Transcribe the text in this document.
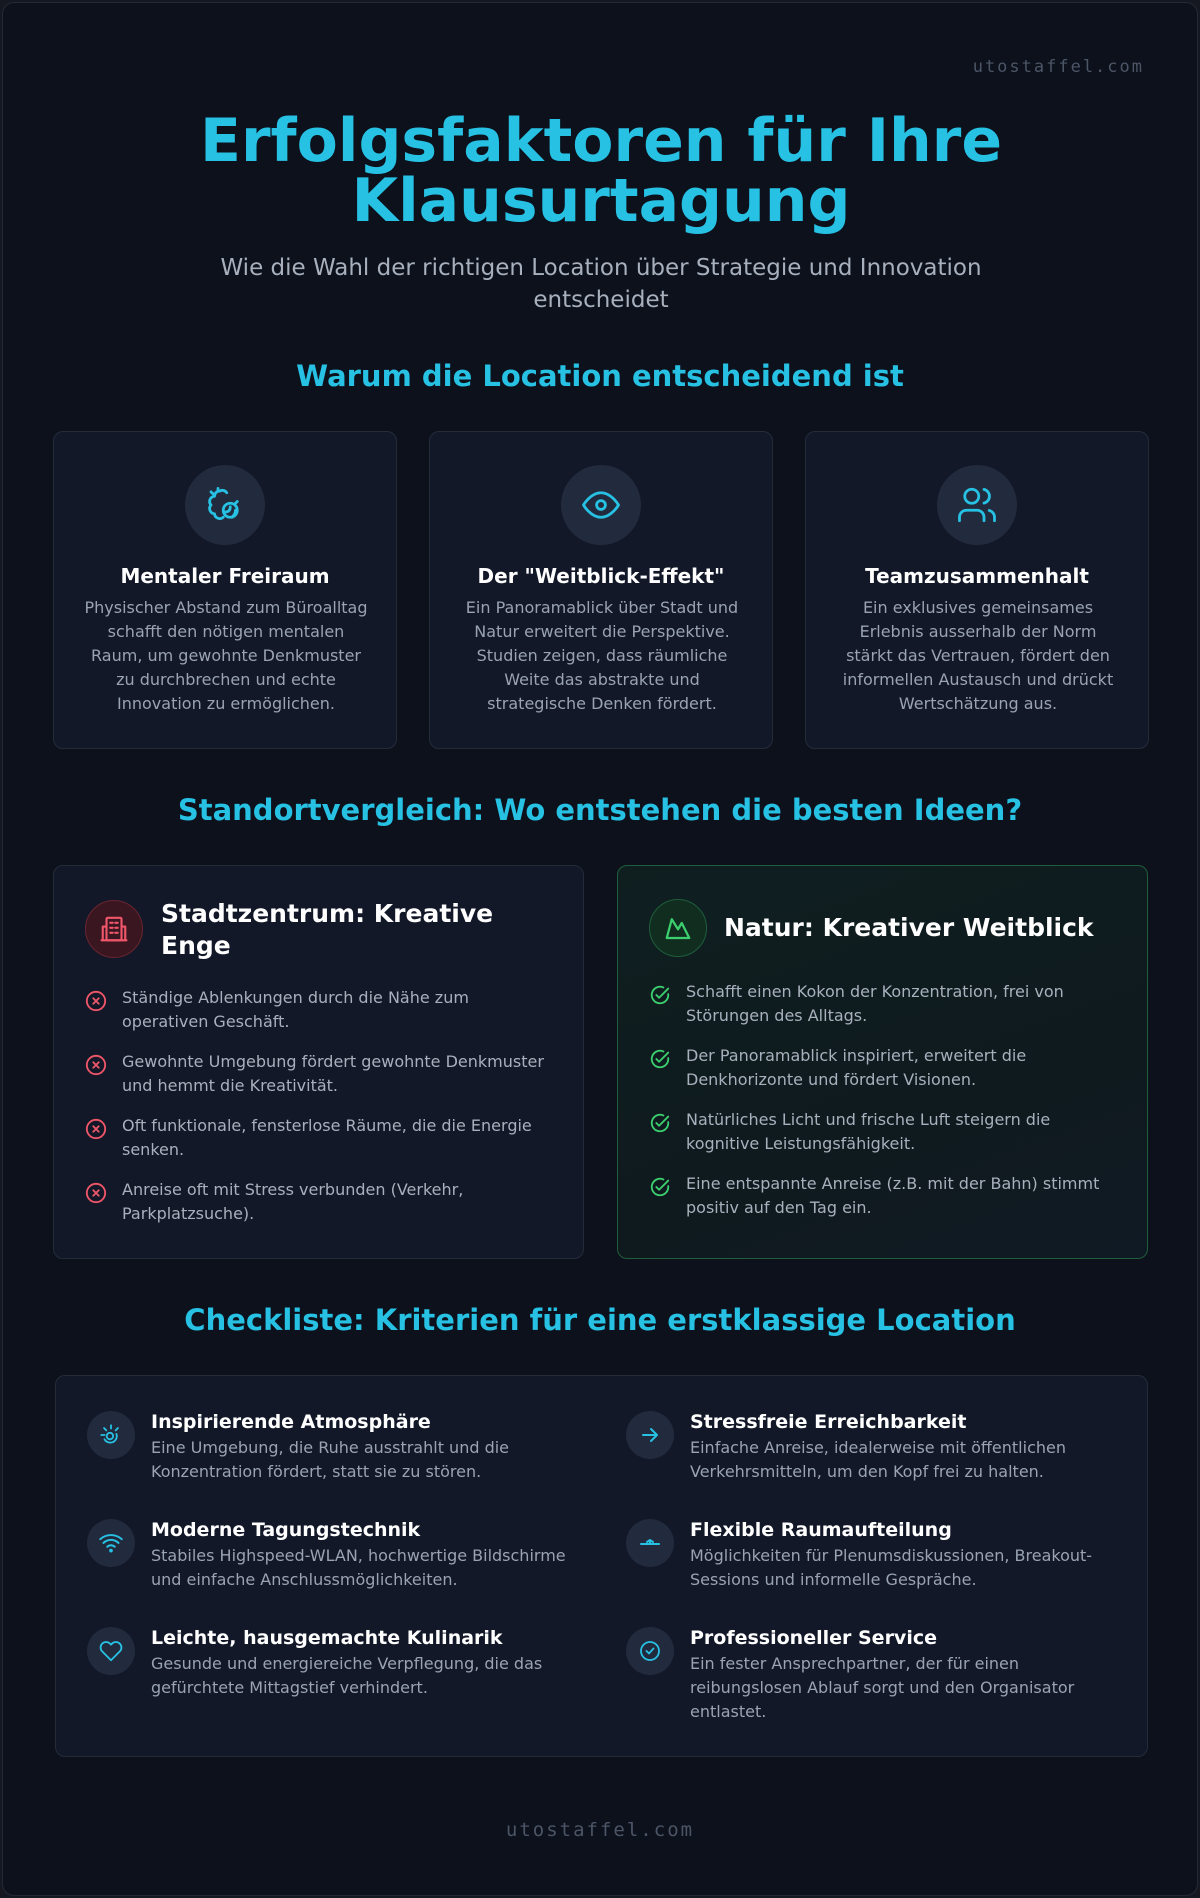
utostaffel.com
Erfolgsfaktoren für Ihre Klausurtagung

Wie die Wahl der richtigen Location über Strategie und Innovation entscheidet

Warum die Location entscheidend ist
Mentaler Freiraum

Physischer Abstand zum Büroalltag schafft den nötigen mentalen Raum, um gewohnte Denkmuster zu durchbrechen und echte Innovation zu ermöglichen.

Der "Weitblick-Effekt"

Ein Panoramablick über Stadt und Natur erweitert die Perspektive. Studien zeigen, dass räumliche Weite das abstrakte und strategische Denken fördert.

Teamzusammenhalt

Ein exklusives gemeinsames Erlebnis ausserhalb der Norm stärkt das Vertrauen, fördert den informellen Austausch und drückt Wertschätzung aus.

Standortvergleich: Wo entstehen die besten Ideen?
Stadtzentrum: Kreative Enge
Ständige Ablenkungen durch die Nähe zum operativen Geschäft.
Gewohnte Umgebung fördert gewohnte Denkmuster und hemmt die Kreativität.
Oft funktionale, fensterlose Räume, die die Energie senken.
Anreise oft mit Stress verbunden (Verkehr, Parkplatzsuche).
Natur: Kreativer Weitblick
Schafft einen Kokon der Konzentration, frei von Störungen des Alltags.
Der Panoramablick inspiriert, erweitert die Denkhorizonte und fördert Visionen.
Natürliches Licht und frische Luft steigern die kognitive Leistungsfähigkeit.
Eine entspannte Anreise (z.B. mit der Bahn) stimmt positiv auf den Tag ein.
Checkliste: Kriterien für eine erstklassige Location
Inspirierende Atmosphäre

Eine Umgebung, die Ruhe ausstrahlt und die Konzentration fördert, statt sie zu stören.

Stressfreie Erreichbarkeit

Einfache Anreise, idealerweise mit öffentlichen Verkehrsmitteln, um den Kopf frei zu halten.

Moderne Tagungstechnik

Stabiles Highspeed-WLAN, hochwertige Bildschirme und einfache Anschlussmöglichkeiten.

Flexible Raumaufteilung

Möglichkeiten für Plenumsdiskussionen, Breakout-Sessions und informelle Gespräche.

Leichte, hausgemachte Kulinarik

Gesunde und energiereiche Verpflegung, die das gefürchtete Mittagstief verhindert.

Professioneller Service

Ein fester Ansprechpartner, der für einen reibungslosen Ablauf sorgt und den Organisator entlastet.

utostaffel.com
